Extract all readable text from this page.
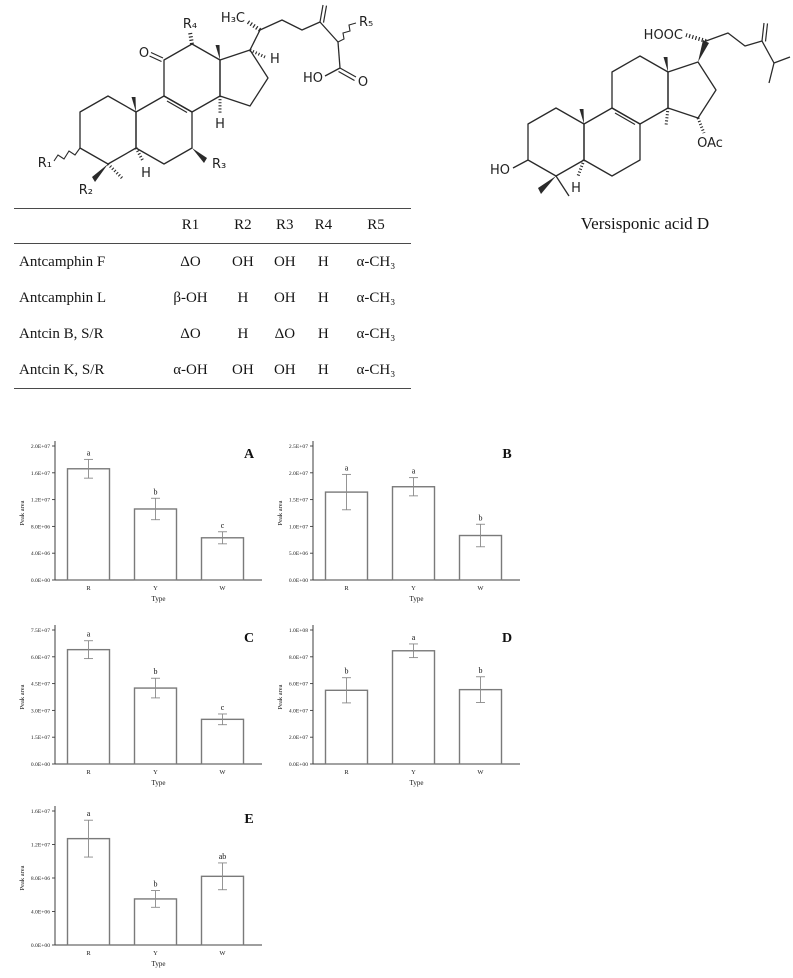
O
R₄
H
H
R₁
R₂
R₃
H
H₃C	R₅
O
HO
HO
H
OAc
HOOC
Versisponic acid D
	R1	R2	R3	R4	R5
Antcamphin F	ΔO	OH	OH	H	α-CH₃
Antcamphin L	β-OH	H	OH	H	α-CH₃
Antcin B, S/R	ΔO	H	ΔO	H	α-CH₃
Antcin K, S/R	α-OH	OH	OH	H	α-CH₃
0.0E+00
4.0E+06
8.0E+06
1.2E+07
1.6E+07
2.0E+07
a
R
b
Y
c
W
Type
Peak area
A
0.0E+00
5.0E+06
1.0E+07
1.5E+07
2.0E+07
2.5E+07
a
R
a
Y
b
W
Type
Peak area
B
0.0E+00
1.5E+07
3.0E+07
4.5E+07
6.0E+07
7.5E+07	a
R
b
Y
c
W
Type
Peak area
C
0.0E+00
2.0E+07
4.0E+07
6.0E+07
8.0E+07
1.0E+08
b
R
a
Y
b
W
Type
Peak area
D
0.0E+00
4.0E+06
8.0E+06
1.2E+07
1.6E+07	a
R
b
Y
ab
W
Type
Peak area
E
